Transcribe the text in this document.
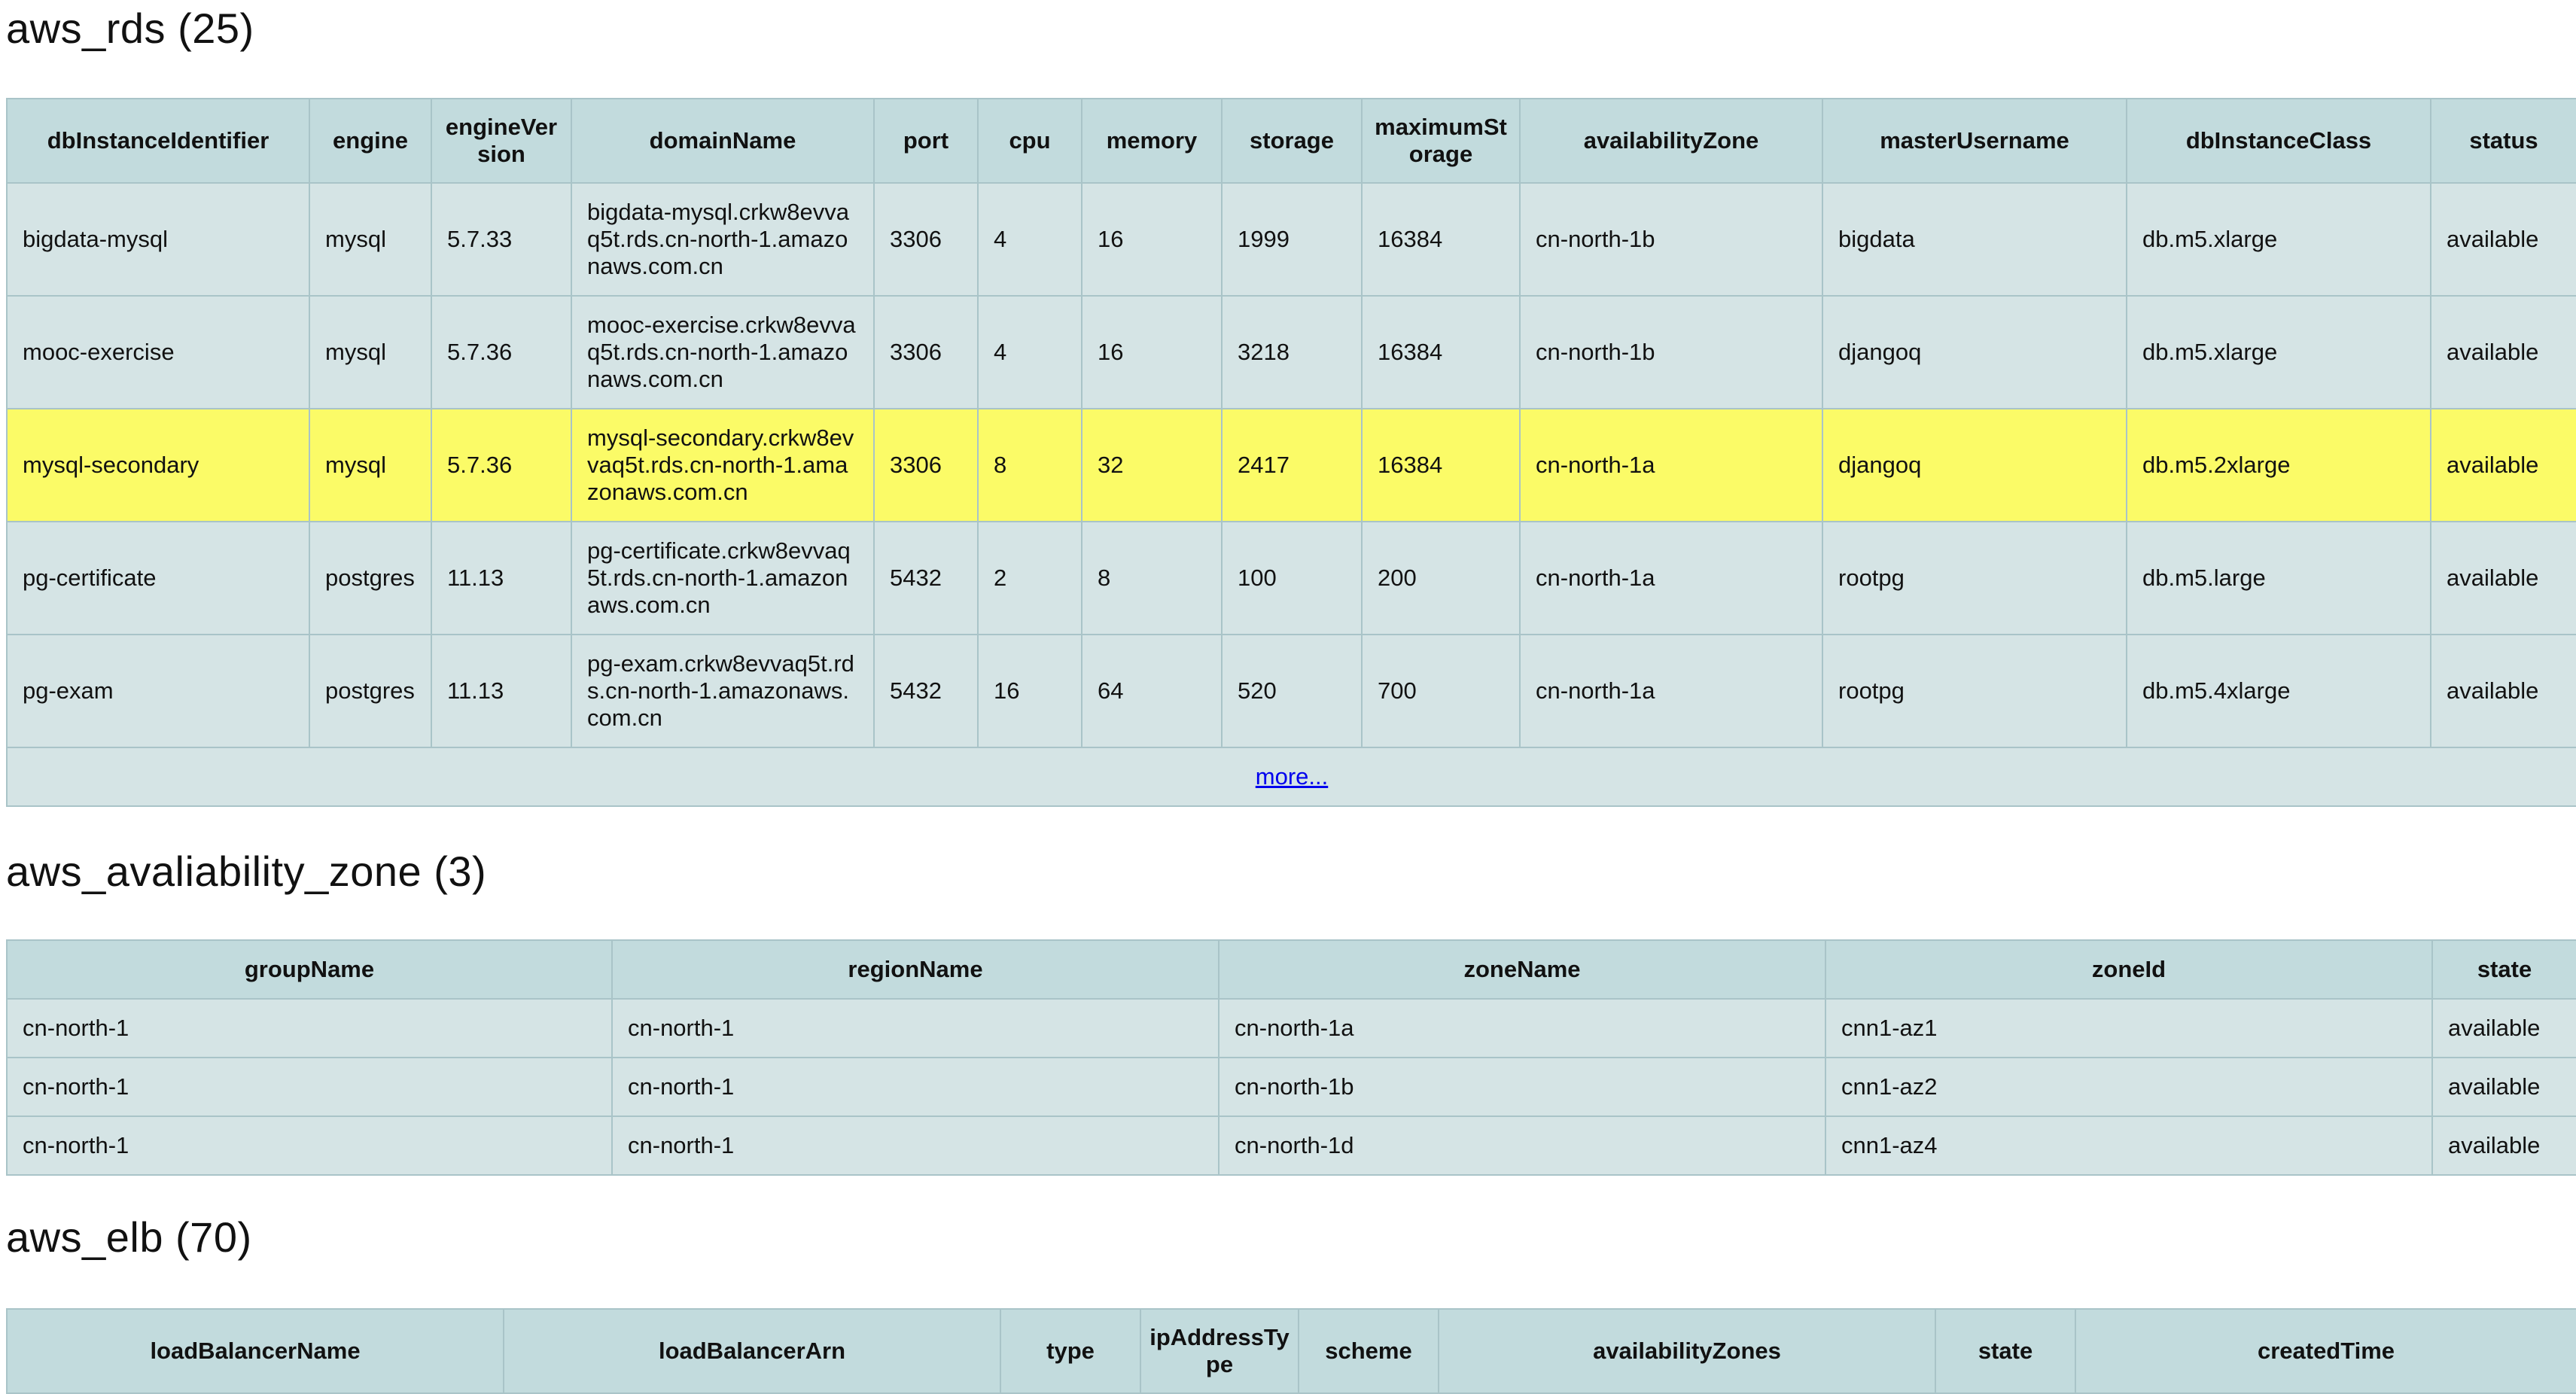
aws_rds (25)
dbInstanceIdentifier	engine	engineVersion	domainName	port	cpu	memory	storage	maximumStorage	availabilityZone	masterUsername	dbInstanceClass	status
bigdata-mysql	mysql	5.7.33	bigdata-mysql.crkw8evvaq5t.rds.cn-north-1.amazonaws.com.cn	3306	4	16	1999	16384	cn-north-1b	bigdata	db.m5.xlarge	available
mooc-exercise	mysql	5.7.36	mooc-exercise.crkw8evvaq5t.rds.cn-north-1.amazonaws.com.cn	3306	4	16	3218	16384	cn-north-1b	djangoq	db.m5.xlarge	available
mysql-secondary	mysql	5.7.36	mysql-secondary.crkw8evvaq5t.rds.cn-north-1.amazonaws.com.cn	3306	8	32	2417	16384	cn-north-1a	djangoq	db.m5.2xlarge	available
pg-certificate	postgres	11.13	pg-certificate.crkw8evvaq5t.rds.cn-north-1.amazonaws.com.cn	5432	2	8	100	200	cn-north-1a	rootpg	db.m5.large	available
pg-exam	postgres	11.13	pg-exam.crkw8evvaq5t.rds.cn-north-1.amazonaws.com.cn	5432	16	64	520	700	cn-north-1a	rootpg	db.m5.4xlarge	available
more...												
aws_avaliability_zone (3)
groupName	regionName	zoneName	zoneId	state
cn-north-1	cn-north-1	cn-north-1a	cnn1-az1	available
cn-north-1	cn-north-1	cn-north-1b	cnn1-az2	available
cn-north-1	cn-north-1	cn-north-1d	cnn1-az4	available
aws_elb (70)
loadBalancerName	loadBalancerArn	type	ipAddressType	scheme	availabilityZones	state	createdTime
